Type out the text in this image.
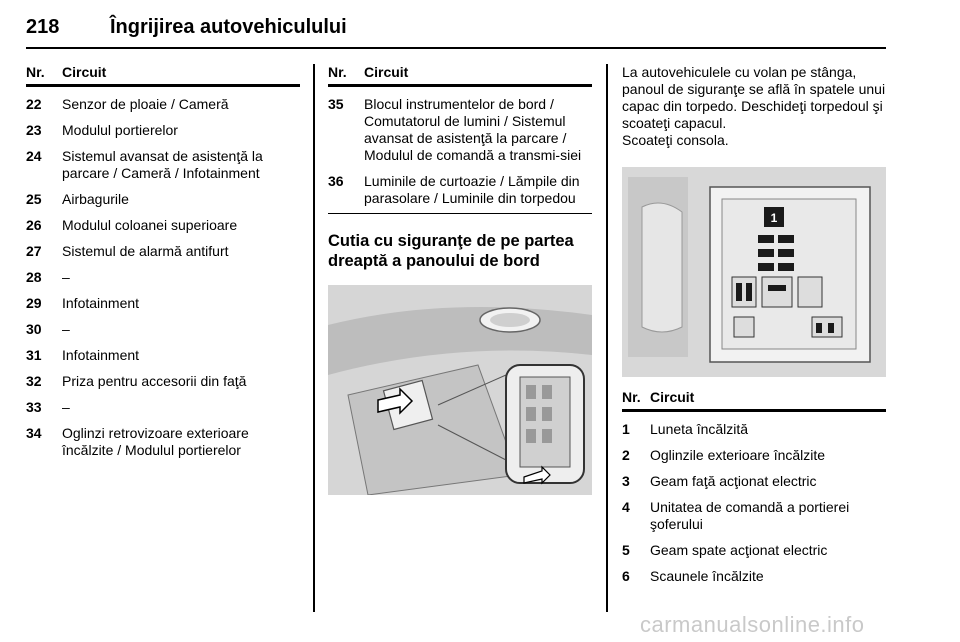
218	Îngrijirea autovehiculului
Nr.	Circuit
22	Senzor de ploaie / Cameră
23	Modulul portierelor
24	Sistemul avansat de asistenţă la parcare / Cameră / Infotainment
25	Airbagurile
26	Modulul coloanei superioare
27	Sistemul de alarmă antifurt
28	–
29	Infotainment
30	–
31	Infotainment
32	Priza pentru accesorii din faţă
33	–
34	Oglinzi retrovizoare exterioare încălzite / Modulul portierelor
Nr.	Circuit
35	Blocul instrumentelor de bord / Comutatorul de lumini / Sistemul avansat de asistenţă la parcare / Modulul de comandă a transmi-siei
36	Luminile de curtoazie / Lămpile din parasolare / Luminile din torpedou
Cutia cu siguranţe de pe partea dreaptă a panoului de bord
La autovehiculele cu volan pe stânga, panoul de siguranţe se află în spatele unui capac din torpedo. Deschideţi torpedoul şi scoateţi capacul.
Scoateţi consola.
1
Nr. Circuit
1	Luneta încălzită
2	Oglinzile exterioare încălzite
3	Geam faţă acţionat electric
4	Unitatea de comandă a portierei şoferului
5	Geam spate acţionat electric
6	Scaunele încălzite
carmanualsonline.info
